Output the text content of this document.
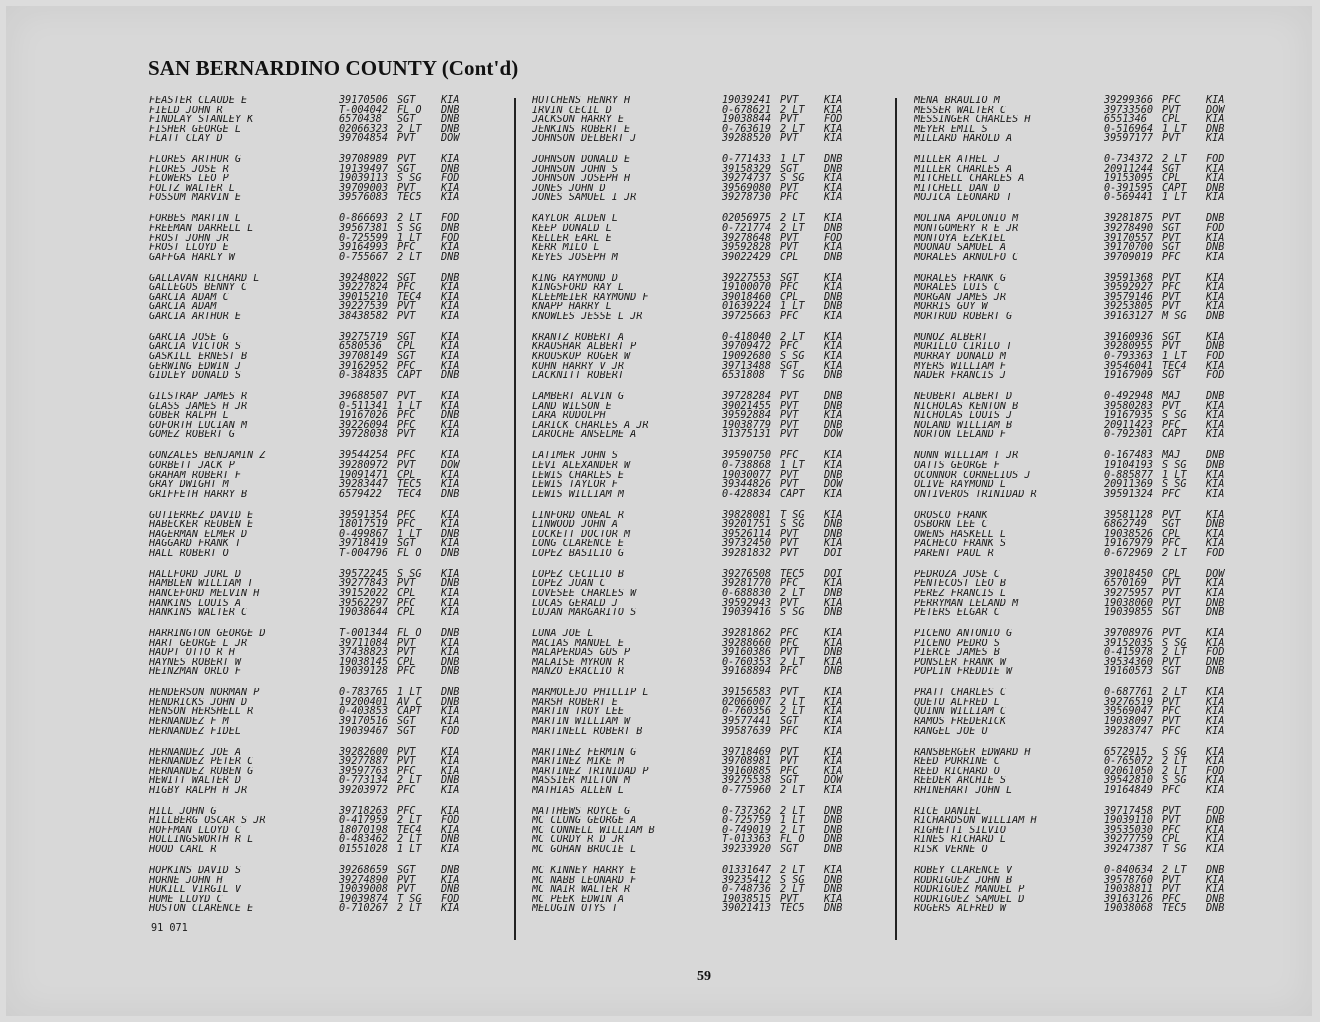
SAN BERNARDINO COUNTY (Cont'd)
FEASTER CLAUDE E	39170506 SGT	KIA
FIELD JOHN R	T-004042 FL O	DNB
FINDLAY STANLEY K	6570438	SGT	DNB
FISHER GEORGE L	02066323 2 LT	DNB
FLATT CLAY D	39704854 PVT	DOW
FLORES ARTHUR G	39708989 PVT	KIA
FLORES JOSE R	19139497 SGT	DNB
FLOWERS LEO P	19039113 S SG	FOD
FOLTZ WALTER L	39709003 PVT	KIA
FOSSUM MARVIN E	39576083 TEC5	KIA
FORBES MARTIN L	0-866693 2 LT	FOD
FREEMAN DARRELL L	39567381 S SG	DNB
FROST JOHN JR	0-725599 1 LT	FOD
FROST LLOYD E	39164993 PFC	KIA
GAFFGA HARLY W	0-755667 2 LT	DNB
GALLAVAN RICHARD L	39248022 SGT	DNB
GALLEGOS BENNY C	39227824 PFC	KIA
GARCIA ADAM C	39015210 TEC4	KIA
GARCIA ADAM	39227539 PVT	KIA
GARCIA ARTHUR E	38438582 PVT	KIA
GARCIA JOSE G	39275719 SGT	KIA
GARCIA VICTOR S	6580536	CPL	KIA
GASKILL ERNEST B	39708149 SGT	KIA
GERWING EDWIN J	39162952 PFC	KIA
GIDLEY DONALD S	0-384835 CAPT	DNB
GILSTRAP JAMES R	39688507 PVT	KIA
GLASS JAMES H JR	0-511341 1 LT	KIA
GOBER RALPH L	19167026 PFC	DNB
GOFORTH LUCIAN M	39226094 PFC	KIA
GOMEZ ROBERT G	39728038 PVT	KIA
GONZALES BENJAMIN Z	39544254 PFC	KIA
GORBETT JACK P	39280972 PVT	DOW
GRAHAM ROBERT F	19091471 CPL	KIA
GRAY DWIGHT M	39283447 TEC5	KIA
GRIFFETH HARRY B	6579422	TEC4	DNB
GUTIERREZ DAVID E	39591354 PFC	KIA
HABECKER REUBEN E	18017519 PFC	KIA
HAGERMAN ELMER D	0-499867 1 LT	DNB
HAGGARD FRANK T	39718419 SGT	KIA
HALL ROBERT O	T-004796 FL O	DNB
HALLFORD JURL D	39572245 S SG	KIA
HAMBLEN WILLIAM T	39277843 PVT	DNB
HANCEFORD MELVIN H	39152022 CPL	KIA
HANKINS LOUIS A	39562297 PFC	KIA
HANKINS WALTER C	19038644 CPL	KIA
HARRINGTON GEORGE D	T-001344 FL O	DNB
HART GEORGE L JR	39711084 PVT	KIA
HAUPT OTTO R H	37438823 PVT	KIA
HAYNES ROBERT W	19038145 CPL	DNB
HEINZMAN ORLO F	19039128 PFC	DNB
HENDERSON NORMAN P	0-783765 1 LT	DNB
HENDRICKS JOHN D	19200401 AV C	DNB
HENSON HERSHELL R	0-403853 CAPT	KIA
HERNANDEZ F M	39170516 SGT	KIA
HERNANDEZ FIDEL	19039467 SGT	FOD
HERNANDEZ JOE A	39282600 PVT	KIA
HERNANDEZ PETER C	39277887 PVT	KIA
HERNANDEZ RUBEN G	39597763 PFC	KIA
HEWITT WALTER D	0-773134 2 LT	DNB
HIGBY RALPH H JR	39203972 PFC	KIA
HILL JOHN G	39718263 PFC	KIA
HILLBERG OSCAR S JR	0-417959 2 LT	FOD
HOFFMAN LLOYD C	18070198 TEC4	KIA
HOLLINGSWORTH R L	0-483462 2 LT	DNB
HOOD CARL R	01551028 1 LT	KIA
HOPKINS DAVID S	39268659 SGT	DNB
HORNE JOHN H	39274890 PVT	KIA
HUKILL VIRGIL V	19039008 PVT	DNB
HUME LLOYD C	19039874 T SG	FOD
HUSTON CLARENCE E	0-710267 2 LT	KIA
HUTCHENS HENRY H	19039241 PVT	KIA
IRVIN CECIL D	0-678621 2 LT	KIA
JACKSON HARRY E	19038844 PVT	FOD
JENKINS ROBERT E	0-763619 2 LT	KIA
JOHNSON DELBERT J	39288520 PVT	KIA
JOHNSON DONALD E	0-771433 1 LT	DNB
JOHNSON JOHN S	39158329 SGT	DNB
JOHNSON JOSEPH H	39274737 S SG	KIA
JONES JOHN D	39569080 PVT	KIA
JONES SAMUEL I JR	39278730 PFC	KIA
KAYLOR ALDEN L	02056975 2 LT	KIA
KEEP DONALD L	0-721774 2 LT	DNB
KELLER EARL E	39278648 PVT	FOD
KERR MILO L	39592828 PVT	KIA
KEYES JOSEPH M	39022429 CPL	DNB
KING RAYMOND D	39227553 SGT	KIA
KINGSFORD RAY L	19100070 PFC	KIA
KLEEMEIER RAYMOND F	39018460 CPL	DNB
KNAPP HARRY L	01639224 1 LT	DNB
KNOWLES JESSE L JR	39725663 PFC	KIA
KRANTZ ROBERT A	0-418040 2 LT	KIA
KRAUSHAR ALBERT P	39709472 PFC	KIA
KROUSKUP ROGER W	19092680 S SG	KIA
KUHN HARRY V JR	39713488 SGT	KIA
LACKNITT ROBERT	6531808	T SG	DNB
LAMBERT ALVIN G	39728284 PVT	DNB
LAND WILSON E	39021455 PVT	DNB
LARA RUDOLPH	39592884 PVT	KIA
LARICK CHARLES A JR	19038779 PVT	DNB
LAROCHE ANSELME A	31375131 PVT	DOW
LATIMER JOHN S	39590750 PFC	KIA
LEVI ALEXANDER W	0-738868 1 LT	KIA
LEWIS CHARLES E	19030077 PVT	DNB
LEWIS TAYLOR F	39344826 PVT	DOW
LEWIS WILLIAM M	0-428834 CAPT	KIA
LINFORD ONEAL R	39828081 T SG	KIA
LINWOOD JOHN A	39201751 S SG	DNB
LOCKETT DOCTOR M	39526114 PVT	DNB
LONG CLARENCE E	39732450 PVT	KIA
LOPEZ BASILIO G	39281832 PVT	DOI
LOPEZ CECILIO B	39276508 TEC5	DOI
LOPEZ JUAN C	39281770 PFC	KIA
LOVESEE CHARLES W	0-688830 2 LT	DNB
LUCAS GERALD J	39592943 PVT	KIA
LUJAN MARGARITO S	19039416 S SG	DNB
LUNA JOE L	39281862 PFC	KIA
MACIAS MANUEL E	39288660 PFC	KIA
MALAPERDAS GUS P	39160386 PVT	DNB
MALAISE MYRON R	0-760353 2 LT	KIA
MANZO ERACLIO R	39168894 PFC	DNB
MARMOLEJO PHILLIP L	39156583 PVT	KIA
MARSH ROBERT E	02066007 2 LT	KIA
MARTIN TROY LEE	0-760356 2 LT	KIA
MARTIN WILLIAM W	39577441 SGT	KIA
MARTINELL ROBERT B	39587639 PFC	KIA
MARTINEZ FERMIN G	39718469 PVT	KIA
MARTINEZ MIKE M	39708981 PVT	KIA
MARTINEZ TRINIDAD P	39160885 PFC	KIA
MASSIER MILTON M	39275538 SGT	DOW
MATHIAS ALLEN L	0-775960 2 LT	KIA
MATTHEWS ROYCE G	0-737362 2 LT	DNB
MC CLUNG GEORGE A	0-725759 1 LT	DNB
MC CONNELL WILLIAM B	0-749019 2 LT	DNB
MC CURDY R D JR	T-013363 FL O	DNB
MC GOHAN BRUCIE L	39233920 SGT	DNB
MC KINNEY HARRY E	01331647 2 LT	KIA
MC NABB LEONARD F	39235412 S SG	DNB
MC NAIR WALTER R	0-748736 2 LT	DNB
MC PEEK EDWIN A	19038515 PVT	KIA
MELUGIN OTYS T	39021413 TEC5	DNB
MENA BRAULIO M	39299366 PFC	KIA
MESSER WALTER C	39733560 PVT	DOW
MESSINGER CHARLES H	6551346	CPL	KIA
MEYER EMIL S	0-516964 1 LT	DNB
MILLARD HAROLD A	39597177 PVT	KIA
MILLER ATHEL J	0-734372 2 LT	FOD
MILLER CHARLES A	20911244 SGT	KIA
MITCHELL CHARLES A	19153095 CPL	KIA
MITCHELL DAN D	0-391595 CAPT	DNB
MOJICA LEONARD T	0-569441 1 LT	KIA
MOLINA APOLONIO M	39281875 PVT	DNB
MONTGOMERY R E JR	39278490 SGT	FOD
MONTOYA EZEKIEL	39170557 PVT	KIA
MOONAU SAMUEL A	39170700 SGT	DNB
MORALES ARNULFO C	39709019 PFC	KIA
MORALES FRANK G	39591368 PVT	KIA
MORALES LUIS C	39592927 PFC	KIA
MORGAN JAMES JR	39579146 PVT	KIA
MORRIS GUY W	39253805 PVT	KIA
MORTRUD ROBERT G	39163127 M SG	DNB
MUNOZ ALBERT	39160936 SGT	KIA
MURILLO CIRILO T	39280955 PVT	DNB
MURRAY DONALD M	0-793363 1 LT	FOD
MYERS WILLIAM F	39546041 TEC4	KIA
NADER FRANCIS J	19167909 SGT	FOD
NEUBERT ALBERT D	0-492948 MAJ	DNB
NICHOLAS KENTON B	39580283 PVT	KIA
NICHOLAS LOUIS J	19167935 S SG	KIA
NOLAND WILLIAM B	20911423 PFC	KIA
NORTON LELAND F	0-792301 CAPT	KIA
NUNN WILLIAM T JR	0-167483 MAJ	DNB
OATTS GEORGE F	19104193 S SG	DNB
OCONNOR CORNELIUS J	0-885877 1 LT	KIA
OLIVE RAYMOND L	20911369 S SG	KIA
ONTIVEROS TRINIDAD R	39591324 PFC	KIA
OROSCO FRANK	39581128 PVT	KIA
OSBORN LEE C	6862749	SGT	DNB
OWENS HASKELL L	19038526 CPL	KIA
PACHECO FRANK S	19167979 PFC	KIA
PARENT PAUL R	0-672969 2 LT	FOD
PEDROZA JOSE C	39018450 CPL	DOW
PENTECOST LEO B	6570169	PVT	KIA
PEREZ FRANCIS L	39275957 PVT	KIA
PERRYMAN LELAND M	19038060 PVT	DNB
PETERS ELGAR C	19039855 SGT	DNB
PICENO ANTONIO G	39708976 PVT	KIA
PICENO PEDRO S	39152035 S SG	KIA
PIERCE JAMES B	0-415978 2 LT	FOD
PONSLER FRANK W	39534360 PVT	DNB
POPLIN FREDDIE W	19160573 SGT	DNB
PRATT CHARLES C	0-687761 2 LT	KIA
QUETU ALFRED L	39276519 PVT	KIA
QUINN WILLIAM C	39569047 PFC	KIA
RAMOS FREDERICK	19038097 PVT	KIA
RANGEL JOE U	39283747 PFC	KIA
RANSBERGER EDWARD H	6572915	S SG	KIA
REED PURRINE C	0-765072 2 LT	KIA
REED RICHARD O	02061050 2 LT	FOD
REEDER ARCHIE S	39542810 S SG	KIA
RHINEHART JOHN L	19164849 PFC	KIA
RICE DANIEL	39717458 PVT	FOD
RICHARDSON WILLIAM H	19039110 PVT	DNB
RIGHETTI SILVIO	39535030 PFC	KIA
RINES RICHARD L	39277759 CPL	KIA
RISK VERNE O	39247387 T SG	KIA
ROBEY CLARENCE V	0-840634 2 LT	DNB
RODRIGUEZ JOHN B	39578760 PVT	KIA
RODRIGUEZ MANUEL P	19038811 PVT	KIA
RODRIGUEZ SAMUEL D	39163126 PFC	DNB
ROGERS ALFRED W	19038068 TEC5	DNB
91 071
59
